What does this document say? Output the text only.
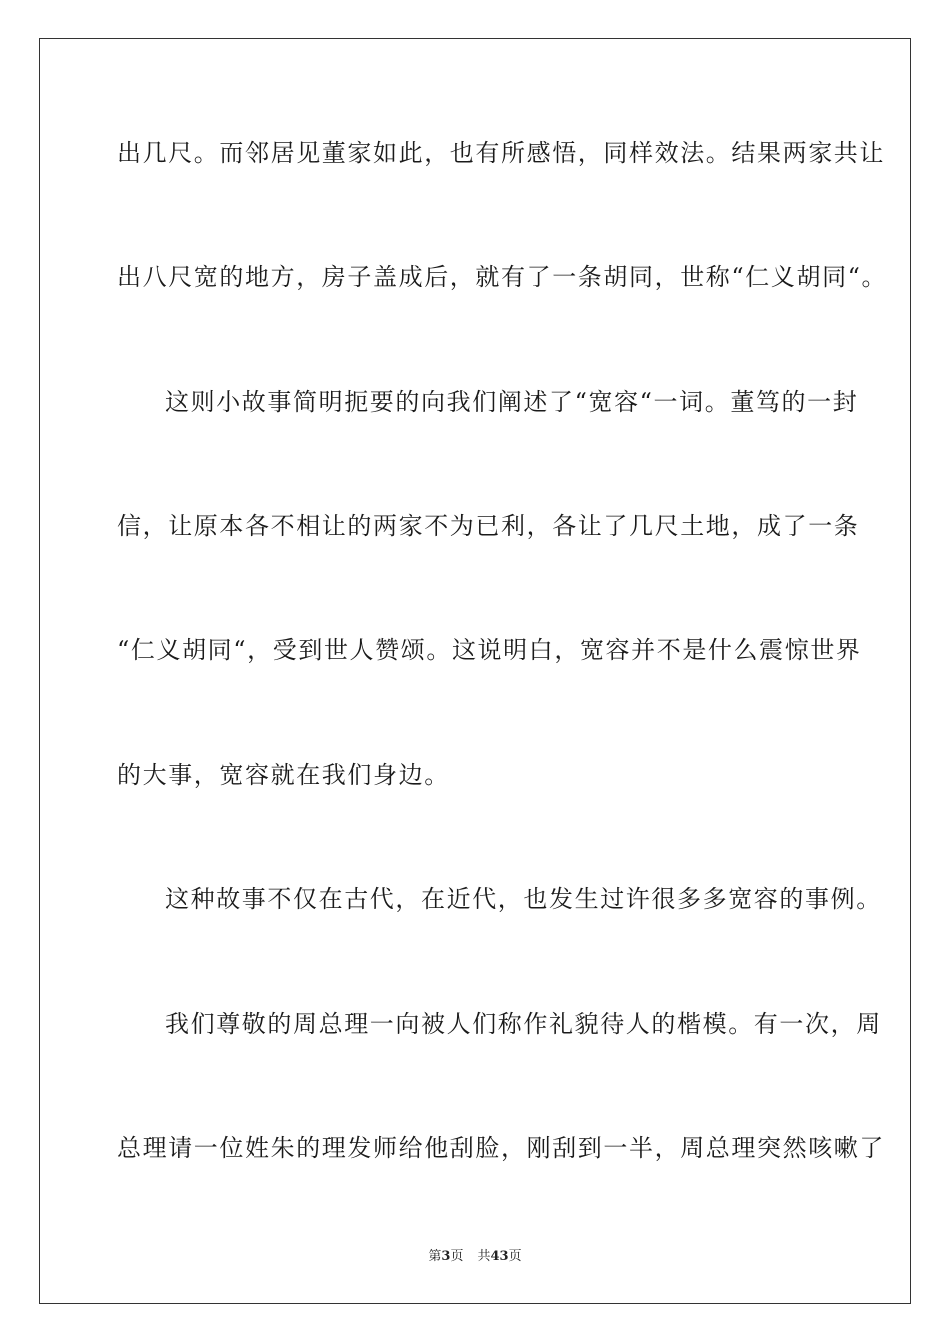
出几尺。而邻居见董家如此，也有所感悟，同样效法。结果两家共让
出八尺宽的地方，房子盖成后，就有了一条胡同，世称“仁义胡同“。
这则小故事简明扼要的向我们阐述了“宽容“一词。董笃的一封
信，让原本各不相让的两家不为已利，各让了几尺土地，成了一条
“仁义胡同“，受到世人赞颂。这说明白，宽容并不是什么震惊世界
的大事，宽容就在我们身边。
这种故事不仅在古代，在近代，也发生过许很多多宽容的事例。
我们尊敬的周总理一向被人们称作礼貌待人的楷模。有一次，周
总理请一位姓朱的理发师给他刮脸，刚刮到一半，周总理突然咳嗽了
第3页 共43页
